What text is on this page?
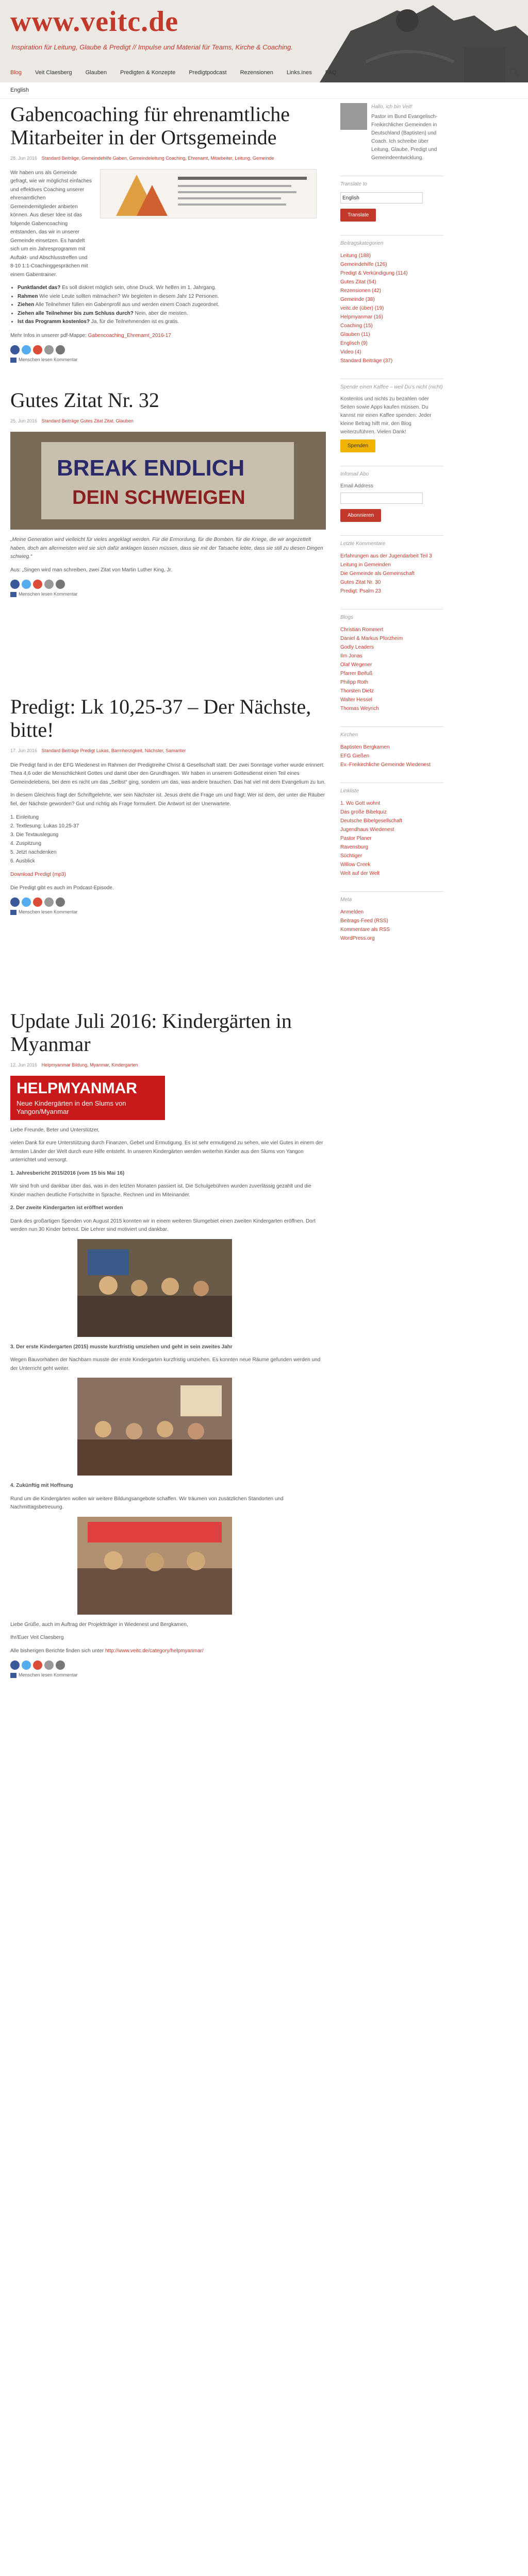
www.veitc.de
Inspiration für Leitung, Glaube & Predigt // Impulse und Material für Teams, Kirche & Coaching.
Blog Veit Claesberg Glauben Predigten & Konzepte Predigtpodcast Rezensionen Links.ines FAQ
English
Gabencoaching für ehrenamtliche Mitarbeiter in der Ortsgemeinde
28. Jun 2016 Standard Beiträge, Gemeindehilfe Gaben, Gemeindeleitung Coaching, Ehrenamt, Mitarbeiter, Leitung, Gemeinde

Wir haben uns als Gemeinde gefragt, wie wir möglichst einfaches und effektives Coaching unserer ehrenamtlichen Gemeindemitglieder anbieten können. Aus dieser Idee ist das folgende Gabencoaching entstanden, das wir in unserer Gemeinde einsetzen. Es handelt sich um ein Jahresprogramm mit Auftakt- und Abschlusstreffen und 8-10 1:1-Coachinggesprächen mit einem Gabentrainer.

• Punktlandet das? Es soll diskret möglich sein, ohne Druck. Wir helfen im 1. Jahrgang.
• Rahmen Wie viele Leute sollten mitmachen? Wir begleiten in diesem Jahr 12 Personen.
• Ziehen Alle Teilnehmer füllen ein Gabenprofil aus und werden einem Coach zugeordnet.
• Ziehen alle Teilnehmer bis zum Schluss durch? Nein, aber die meisten.
• Ist das Programm kostenlos? Ja, für die Teilnehmenden ist es gratis.

Mehr Infos in unserer pdf-Mappe: Gabencoaching_Ehrenamt_2016-17

Menschen lesen Kommentar
Gutes Zitat Nr. 32
25. Jun 2016 Standard Beiträge Gutes Zitat Zitat, Glauben
BREAK ENDLICH
DEIN SCHWEIGEN

„Meine Generation wird vielleicht für vieles angeklagt werden. Für die Ermordung, für die Bomben, für die Kriege, die wir angezettelt haben, doch am allermeisten wird sie sich dafür anklagen lassen müssen, dass sie mit der Tatsache lebte, dass sie still zu diesen Dingen schwieg.“

Aus: „Singen wird man schreiben, zwei Zitat von Martin Luther King, Jr.

Menschen lesen Kommentar
Predigt: Lk 10,25-37 – Der Nächste, bitte!
17. Jun 2016 Standard Beiträge Predigt Lukas, Barmherzigkeit, Nächster, Samariter

Die Predigt fand in der EFG Wiedenest im Rahmen der Predigtreihe Christ & Gesellschaft statt. Der zwei Sonntage vorher wurde erinnert: Thea 4,6 oder die Menschlichkeit Gottes und damit über den Grundfragen. Wir haben in unserem Gottesdienst einen Teil eines Gemeindelebens, bei dem es nicht um das „Selbst“ ging, sondern um das, was andere brauchen. Das hat viel mit dem Evangelium zu tun.

In diesem Gleichnis fragt der Schriftgelehrte, wer sein Nächster ist. Jesus dreht die Frage um und fragt: Wer ist dem, der unter die Räuber fiel, der Nächste geworden? Gut und richtig als Frage formuliert. Die Antwort ist der Unerwartete.

1. Einleitung
2. Textlesung: Lukas 10,25-37
3. Die Textauslegung
4. Zuspitzung
5. Jetzt nachdenken
6. Ausblick

Download Predigt (mp3)

Die Predigt gibt es auch im Podcast-Episode.

Menschen lesen Kommentar
Update Juli 2016: Kindergärten in Myanmar
12. Jun 2016 Helpmyanmar Bildung, Myanmar, Kindergarten
HELPMYANMAR
Neue Kindergärten in den Slums von Yangon/Myanmar

Liebe Freunde, Beter und Unterstützer,

vielen Dank für eure Unterstützung durch Finanzen, Gebet und Ermutigung. Es ist sehr ermutigend zu sehen, wie viel Gutes in einem der ärmsten Länder der Welt durch eure Hilfe entsteht. In unseren Kindergärten werden weiterhin Kinder aus den Slums von Yangon unterrichtet und versorgt.

1. Jahresbericht 2015/2016 (vom 15 bis Mai 16)

Wir sind froh und dankbar über das, was in den letzten Monaten passiert ist. Die Schulgebühren wurden zuverlässig gezahlt und die Kinder machen deutliche Fortschritte in Sprache, Rechnen und im Miteinander.

2. Der zweite Kindergarten ist eröffnet worden

Dank des großartigen Spenden von August 2015 konnten wir in einem weiteren Slumgebiet einen zweiten Kindergarten eröffnen. Dort werden nun 30 Kinder betreut. Die Lehrer sind motiviert und dankbar.

3. Der erste Kindergarten (2015) musste kurzfristig umziehen und geht in sein zweites Jahr

Wegen Bauvorhaben der Nachbarn musste der erste Kindergarten kurzfristig umziehen. Es konnten neue Räume gefunden werden und der Unterricht geht weiter.

4. Zukünftig mit Hoffnung

Rund um die Kindergärten wollen wir weitere Bildungsangebote schaffen. Wir träumen von zusätzlichen Standorten und Nachmittagsbetreuung.

Liebe Grüße, auch im Auftrag der Projektträger in Wiedenest und Bergkamen,

Ihr/Euer Veit Claesberg

Alle bisherigen Berichte finden sich unter http://www.veitc.de/category/helpmyanmar/

Menschen lesen Kommentar

Hallo, ich bin Veit!
Pastor im Bund Evangelisch-Freikirchlicher Gemeinden in Deutschland (Baptisten) und Coach. Ich schreibe über Leitung, Glaube, Predigt und Gemeindeentwicklung.
Translate to
English
Translate
Beitragskategorien
Leitung (188)
Gemeindehilfe (126)
Predigt & Verkündigung (114)
Gutes Zitat (54)
Rezensionen (42)
Gemeinde (38)
veitc.de (über) (19)
Helpmyanmar (16)
Coaching (15)
Glauben (11)
Englisch (9)
Video (4)
Standard Beiträge (37)
Spende einen Kaffee – weil Du's nicht (nicht)
Kostenlos und nichts zu bezahlen oder Seiten sowie Apps kaufen müssen. Du kannst mir einen Kaffee spenden: Jeder kleine Betrag hilft mir, den Blog weiterzuführen. Vielen Dank!
Spenden
Infomail Abo
Email Address
Abonnieren
Letzte Kommentare
Erfahrungen aus der Jugendarbeit Teil 3
Leitung in Gemeinden
Die Gemeinde als Gemeinschaft
Gutes Zitat Nr. 30
Predigt: Psalm 23
Blogs
Christian Rommert
Daniel & Markus Pforzheim
Godly Leaders
Ilm Jonas
Olaf Wegener
Pfarrer Beifuß
Philipp Roth
Thorsten Dietz
Walter Hessel
Thomas Weyrich
Kirchen
Baptisten Bergkamen
EFG Gießen
Ev.-Freikirchliche Gemeinde Wiedenest
Linkliste
1. Wo Gott wohnt
Das große Bibelquiz
Deutsche Bibelgesellschaft
Jugendhaus Wiedenest
Pastor Planer
Ravensburg
Süchtiger
Willow Creek
Welt auf der Welt
Meta
Anmelden
Beitrags-Feed (RSS)
Kommentare als RSS
WordPress.org
